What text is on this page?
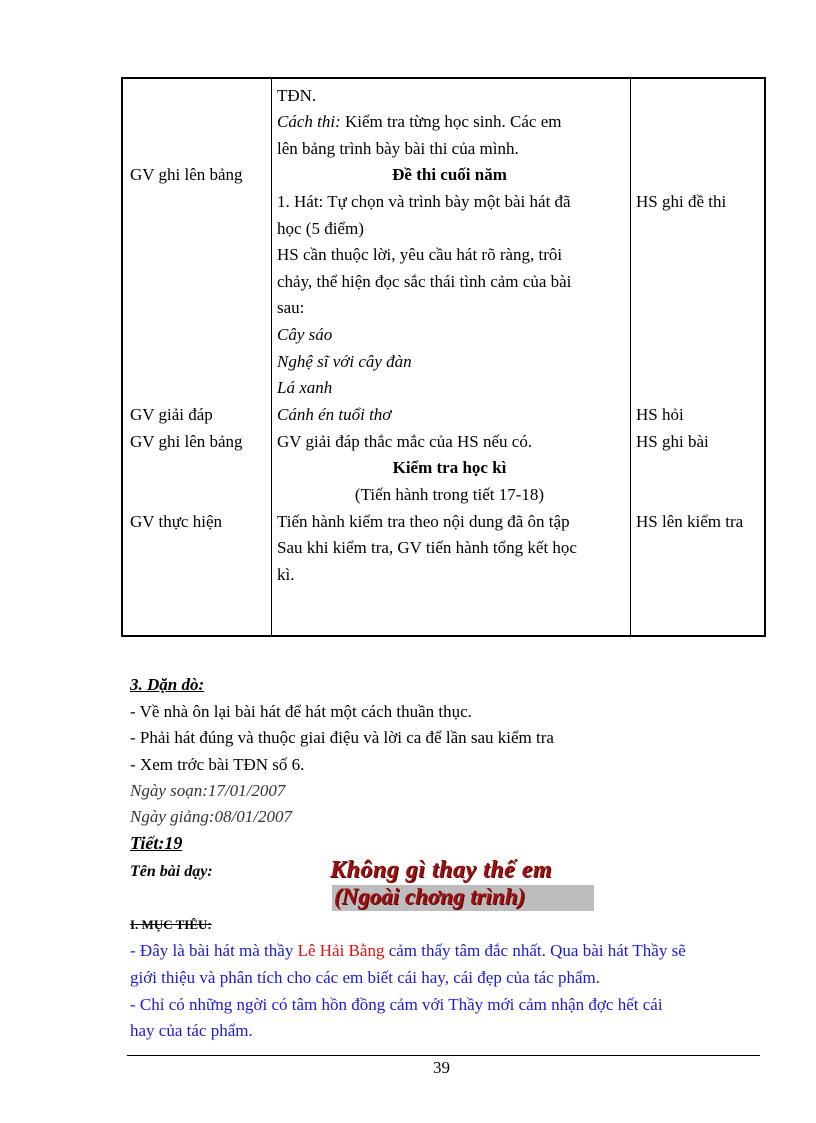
GV ghi lên bảng
GV giải đáp
GV ghi lên bảng
GV thực hiện
TĐN.
Cách thi: Kiểm tra từng học sinh. Các em
lên bảng trình bày bài thi của mình.
Đề thi cuối năm
1. Hát: Tự chọn và trình bày một bài hát đã
học (5 điểm)
HS cần thuộc lời, yêu cầu hát rõ ràng, trôi
chảy, thể hiện đọc sắc thái tình cảm của bài
sau:
Cây sáo
Nghệ sĩ với cây đàn
Lá xanh
Cánh én tuổi thơ
GV giải đáp thắc mắc của HS nếu có.
Kiểm tra học kì
(Tiến hành trong tiết 17-18)
Tiến hành kiểm tra theo nội dung đã ôn tập
Sau khi kiểm tra, GV tiến hành tổng kết học
kì.
HS ghi đề thi
HS hỏi
HS ghi bài
HS lên kiểm tra
3. Dặn dò:
- Về nhà ôn lại bài hát để hát một cách thuần thục.
- Phải hát đúng và thuộc giai điệu và lời ca để lần sau kiểm tra
- Xem trớc bài TĐN số 6.
Ngày soạn:17/01/2007
Ngày giảng:08/01/2007
Tiết:19
Tên bài dạy:	Không gì thay thế em
(Ngoài chơng trình)
I. MỤC TIÊU:
- Đây là bài hát mà thầy Lê Hải Bằng cảm thấy tâm đắc nhất. Qua bài hát Thầy sẽ
giới thiệu và phân tích cho các em biết cái hay, cái đẹp của tác phẩm.
- Chỉ có những ngời có tâm hồn đồng cảm với Thầy mới cảm nhận đợc hết cái
hay của tác phẩm.
39
